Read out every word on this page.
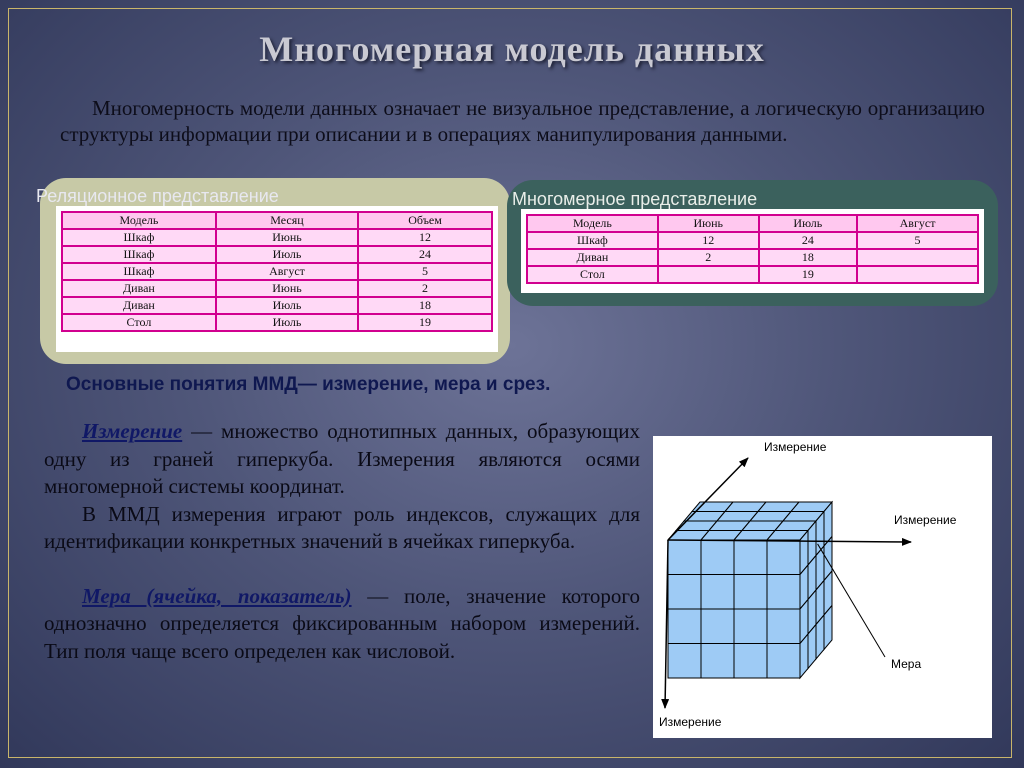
Многомерная модель данных
Многомерность модели данных означает не визуальное представление, а логическую организацию структуры информации при описании и в операциях манипулирования данными.
Реляционное представление	Многомерное представление
Модель	Месяц	Объем
Шкаф	Июнь	12
Шкаф	Июль	24
Шкаф	Август	5
Диван	Июнь	2
Диван	Июль	18
Стол	Июль	19
Модель	Июнь	Июль	Август
Шкаф	12	24	5
Диван	2	18	
Стол		19	
Основные понятия ММД— измерение, мера и срез.

Измерение — множество однотипных данных, образующих одну из граней гиперкуба. Измерения являются осями многомерной системы координат.

В ММД измерения играют роль индексов, служащих для идентификации конкретных значений в ячейках гиперкуба.

Мера (ячейка, показатель) — поле, значение которого однозначно определяется фиксированным набором измерений. Тип поля чаще всего определен как числовой.

Измерение
Измерение
Измерение
Мера
